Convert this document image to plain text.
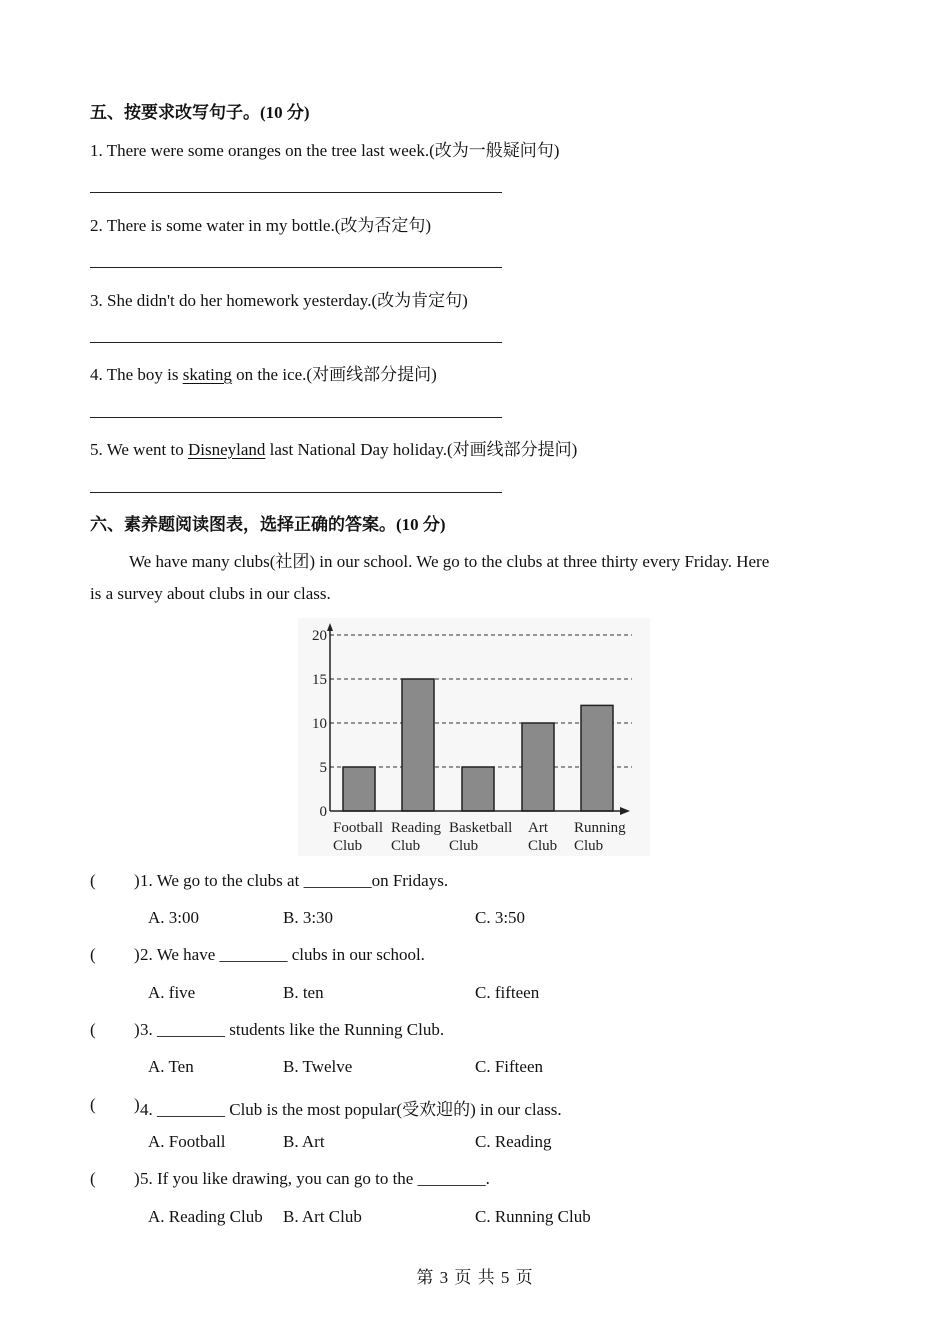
五、按要求改写句子。(10 分)
1. There were some oranges on the tree last week.(改为一般疑问句)
2. There is some water in my bottle.(改为否定句)
3. She didn't do her homework yesterday.(改为肯定句)
4. The boy is skating on the ice.(对画线部分提问)
5. We went to Disneyland last National Day holiday.(对画线部分提问)
六、素养题阅读图表，选择正确的答案。(10 分)
We have many clubs(社团) in our school. We go to the clubs at three thirty every Friday. Here
is a survey about clubs in our class.
0
5
10
15
20
Football
Club
Reading
Club
Basketball
Club
Art
Club
Running
Club
( ) 1. We go to the clubs at ________on Fridays.
A. 3:00	B. 3:30	C. 3:50
( ) 2. We have ________ clubs in our school.
A. five	B. ten	C. fifteen
( ) 3. ________ students like the Running Club.
A. Ten	B. Twelve	C. Fifteen
( ) 4. ________ Club is the most popular(受欢迎的) in our class.
A. Football	B. Art	C. Reading
( ) 5. If you like drawing, you can go to the ________.
A. Reading Club B. Art Club	C. Running Club
第 3 页 共 5 页
